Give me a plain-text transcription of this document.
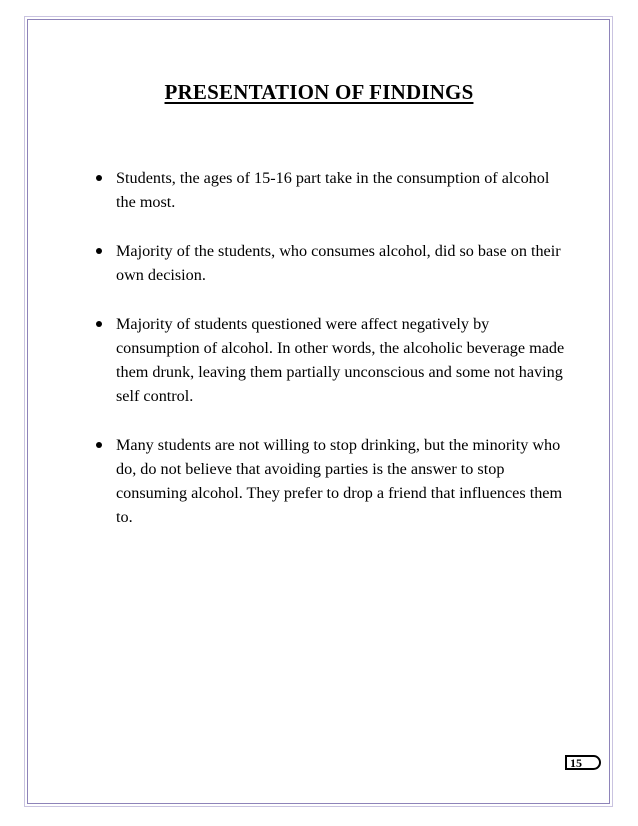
PRESENTATION OF FINDINGS
Students, the ages of 15-16 part take in the consumption of alcohol the most.
Majority of the students, who consumes alcohol, did so base on their own decision.
Majority of students questioned were affect negatively by consumption of alcohol. In other words, the alcoholic beverage made them drunk, leaving them partially unconscious and some not having self control.
Many students are not willing to stop drinking, but the minority who do, do not believe that avoiding parties is the answer to stop consuming alcohol. They prefer to drop a friend that influences them to.
15
